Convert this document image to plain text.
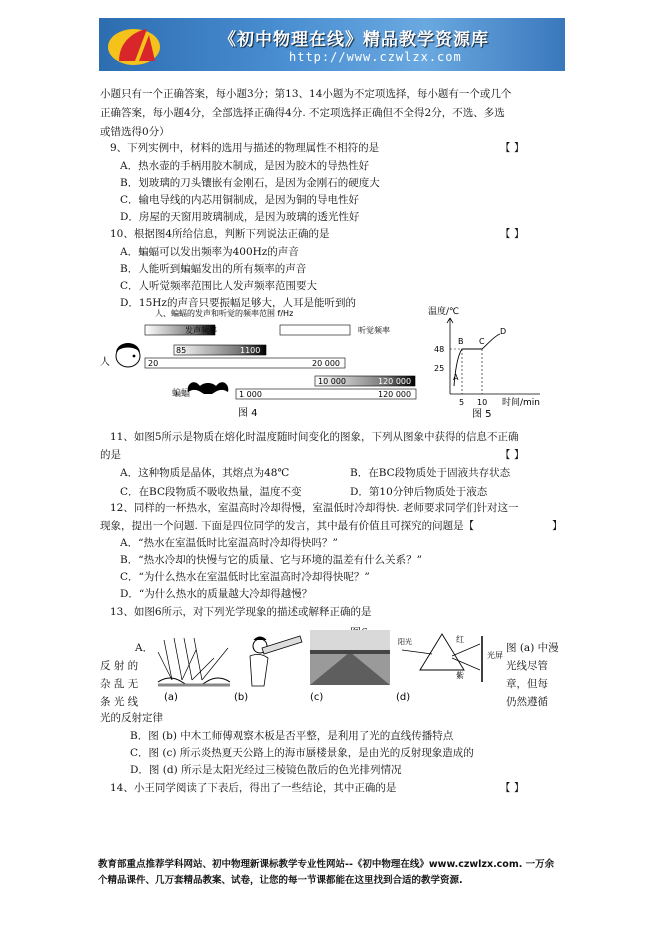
《初中物理在线》精品教学资源库
http://www.czwlzx.com
小题只有一个正确答案，每小题3分；第13、14小题为不定项选择，每小题有一个或几个
正确答案，每小题4分，全部选择正确得4分. 不定项选择正确但不全得2分，不选、多选
或错选得0分）
9、下列实例中，材料的选用与描述的物理属性不相符的是	【 】
A．热水壶的手柄用胶木制成，是因为胶木的导热性好
B．划玻璃的刀头镶嵌有金刚石，是因为金刚石的硬度大
C．输电导线的内芯用铜制成，是因为铜的导电性好
D．房屋的天窗用玻璃制成，是因为玻璃的透光性好
10、根据图4所给信息，判断下列说法正确的是	【 】
A．蝙蝠可以发出频率为400Hz的声音
B．人能听到蝙蝠发出的所有频率的声音
C．人听觉频率范围比人发声频率范围要大
D．15Hz的声音只要振幅足够大，人耳是能听到的
人、蝙蝠的发声和听觉的频率范围 f/Hz
发声频率	听觉频率
人
85	1100
20	20 000
蝙蝠
10 000	120 000
1 000	120 000
图 4
温度/℃
48
25
A
B C
D
5 10 时间/min
图 5
11、如图5所示是物质在熔化时温度随时间变化的图象，下列从图象中获得的信息不正确
的是	【 】
A．这种物质是晶体，其熔点为48℃	B．在BC段物质处于固液共存状态
C．在BC段物质不吸收热量，温度不变	D．第10分钟后物质处于液态
12、同样的一杯热水，室温高时冷却得慢，室温低时冷却得快. 老师要求同学们针对这一
现象，提出一个问题. 下面是四位同学的发言，其中最有价值且可探究的问题是【	】
A．“热水在室温低时比室温高时冷却得快吗？”
B．“热水冷却的快慢与它的质量、它与环境的温差有什么关系？”
C．“为什么热水在室温低时比室温高时冷却得快呢？”
D．“为什么热水的质量越大冷却得越慢？
13、如图6所示，对下列光学现象的描述或解释正确的是
A．
反 射 的
杂 乱 无
条 光 线
图 (a) 中漫
光线尽管
章，但每
仍然遵循
(a)	(b)	(c)
阳光	红
紫
光屏
(d)
光的反射定律
B．图 (b) 中木工师傅观察木板是否平整，是利用了光的直线传播特点
C．图 (c) 所示炎热夏天公路上的海市蜃楼景象，是由光的反射现象造成的
D．图 (d) 所示是太阳光经过三棱镜色散后的色光排列情况
14、小王同学阅读了下表后，得出了一些结论，其中正确的是	【 】
教育部重点推荐学科网站、初中物理新课标教学专业性网站--《初中物理在线》www.czwlzx.com. 一万余
个精品课件、几万套精品教案、试卷，让您的每一节课都能在这里找到合适的教学资源.
